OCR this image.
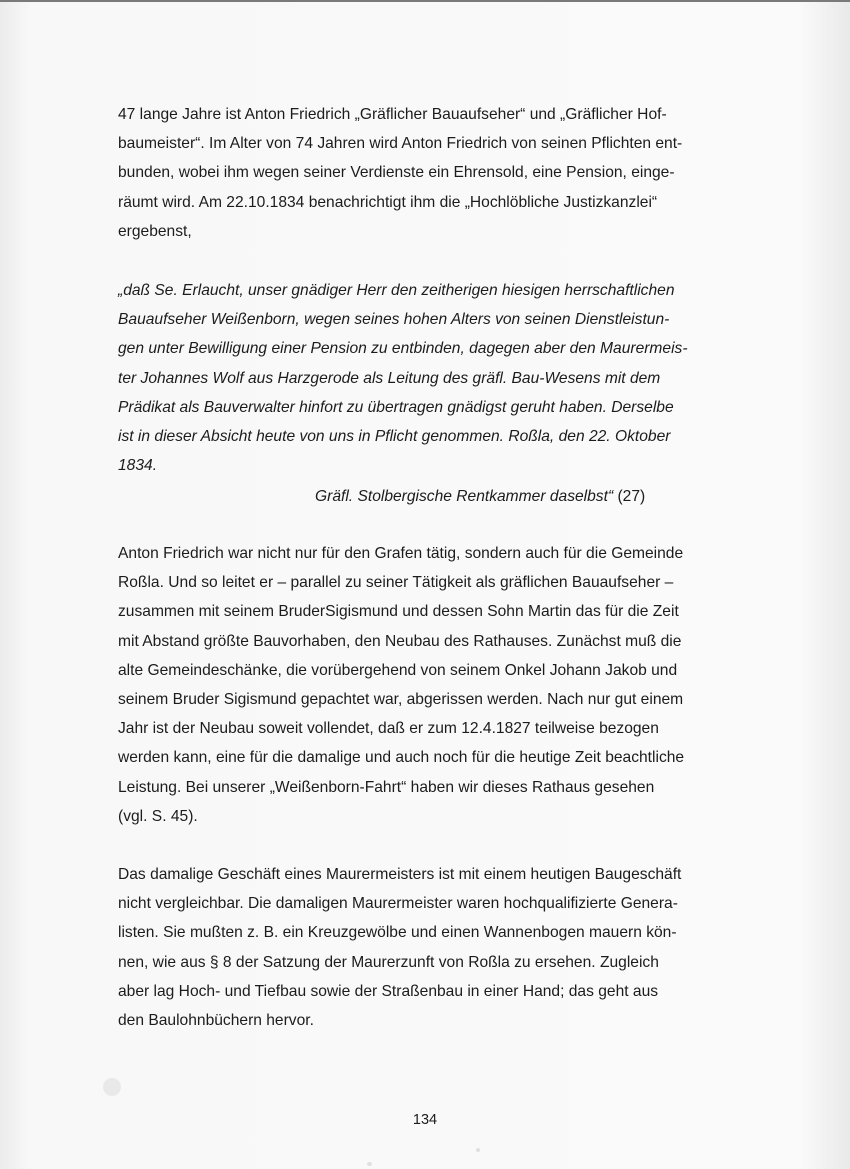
47 lange Jahre ist Anton Friedrich „Gräflicher Bauaufseher“ und „Gräflicher Hof-
baumeister“. Im Alter von 74 Jahren wird Anton Friedrich von seinen Pflichten ent-
bunden, wobei ihm wegen seiner Verdienste ein Ehrensold, eine Pension, einge-
räumt wird. Am 22.10.1834 benachrichtigt ihm die „Hochlöbliche Justizkanzlei“
ergebenst,
„daß Se. Erlaucht, unser gnädiger Herr den zeitherigen hiesigen herrschaftlichen
Bauaufseher Weißenborn, wegen seines hohen Alters von seinen Dienstleistun-
gen unter Bewilligung einer Pension zu entbinden, dagegen aber den Maurermeis-
ter Johannes Wolf aus Harzgerode als Leitung des gräfl. Bau-Wesens mit dem
Prädikat als Bauverwalter hinfort zu übertragen gnädigst geruht haben. Derselbe
ist in dieser Absicht heute von uns in Pflicht genommen. Roßla, den 22. Oktober
1834.
Gräfl. Stolbergische Rentkammer daselbst“ (27)
Anton Friedrich war nicht nur für den Grafen tätig, sondern auch für die Gemeinde
Roßla. Und so leitet er – parallel zu seiner Tätigkeit als gräflichen Bauaufseher –
zusammen mit seinem BruderSigismund und dessen Sohn Martin das für die Zeit
mit Abstand größte Bauvorhaben, den Neubau des Rathauses. Zunächst muß die
alte Gemeindeschänke, die vorübergehend von seinem Onkel Johann Jakob und
seinem Bruder Sigismund gepachtet war, abgerissen werden. Nach nur gut einem
Jahr ist der Neubau soweit vollendet, daß er zum 12.4.1827 teilweise bezogen
werden kann, eine für die damalige und auch noch für die heutige Zeit beachtliche
Leistung. Bei unserer „Weißenborn-Fahrt“ haben wir dieses Rathaus gesehen
(vgl. S. 45).
Das damalige Geschäft eines Maurermeisters ist mit einem heutigen Baugeschäft
nicht vergleichbar. Die damaligen Maurermeister waren hochqualifizierte Genera-
listen. Sie mußten z. B. ein Kreuzgewölbe und einen Wannenbogen mauern kön-
nen, wie aus § 8 der Satzung der Maurerzunft von Roßla zu ersehen. Zugleich
aber lag Hoch- und Tiefbau sowie der Straßenbau in einer Hand; das geht aus
den Baulohnbüchern hervor.
134
